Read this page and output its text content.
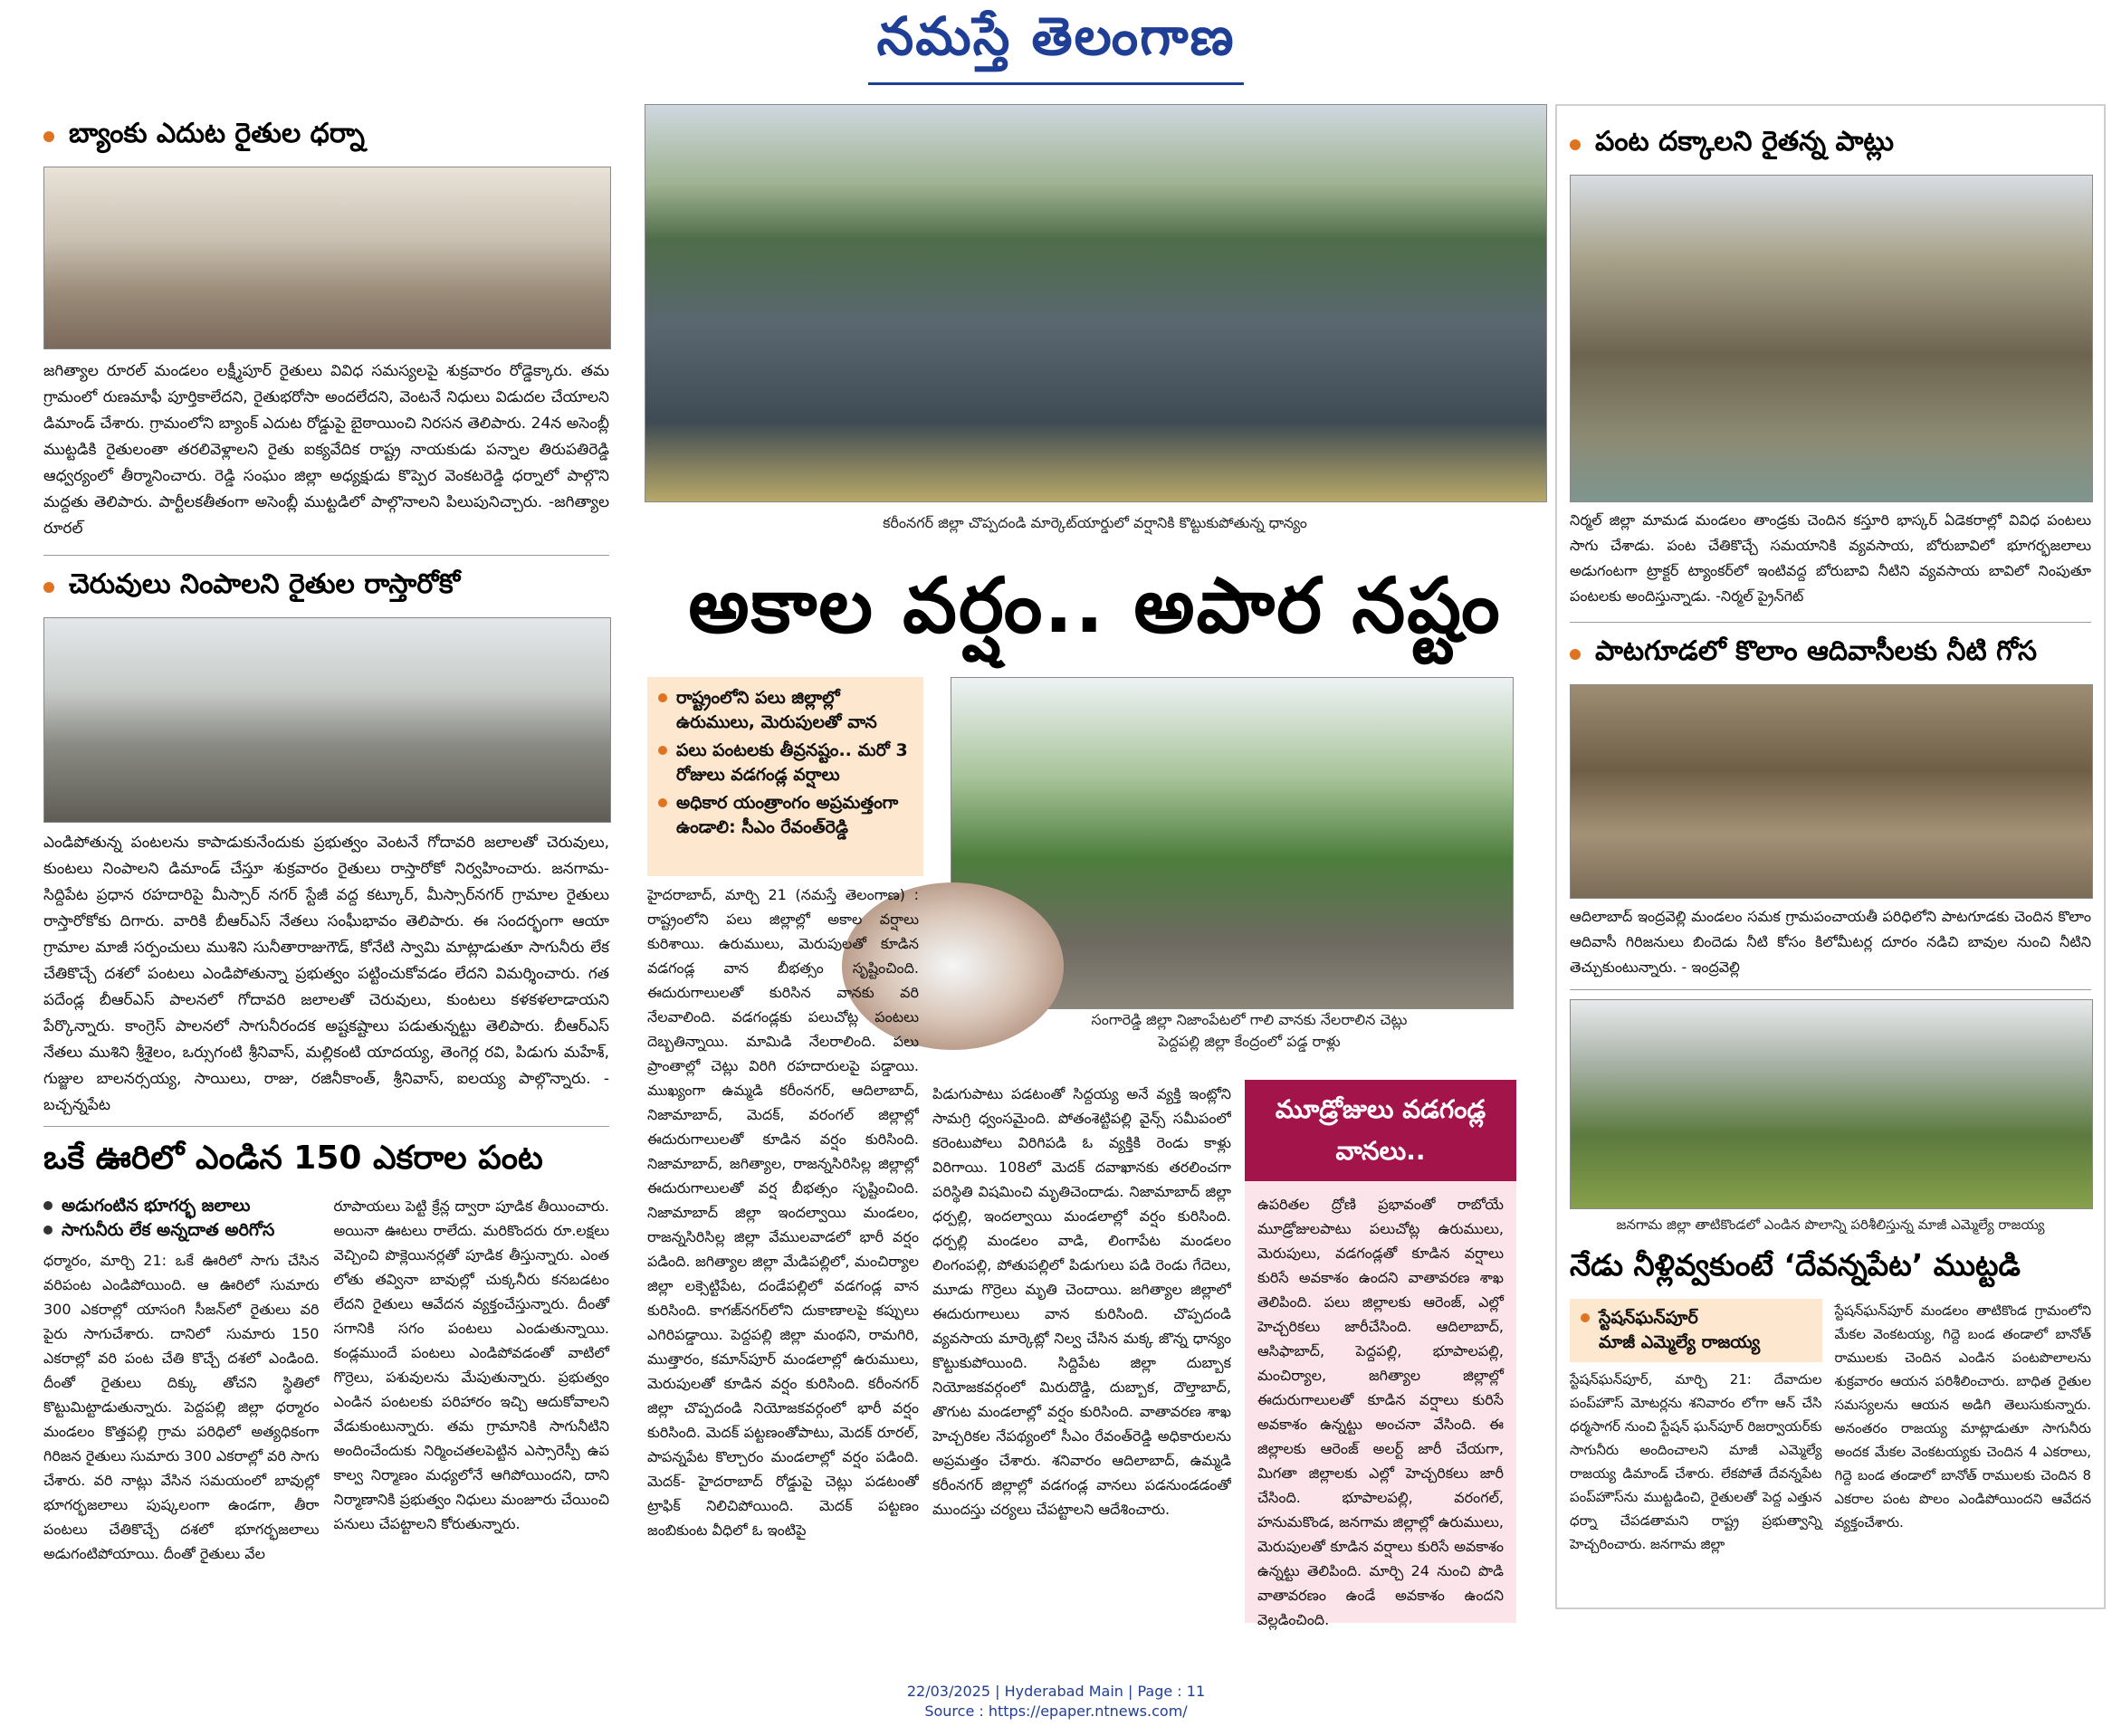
నమస్తే తెలంగాణ
బ్యాంకు ఎదుట రైతుల ధర్నా
జగిత్యాల రూరల్‌ మండలం లక్ష్మీపూర్‌ రైతులు వివిధ సమస్యలపై శుక్రవారం రోడ్డెక్కారు. తమ గ్రామంలో రుణమాఫీ పూర్తికాలేదని, రైతుభరోసా అందలేదని, వెంటనే నిధులు విడుదల చేయాలని డిమాండ్‌ చేశారు. గ్రామంలోని బ్యాంక్‌ ఎదుట రోడ్డుపై బైఠాయించి నిరసన తెలిపారు. 24న అసెంబ్లీ ముట్టడికి రైతులంతా తరలివెళ్లాలని రైతు ఐక్యవేదిక రాష్ట్ర నాయకుడు పన్నాల తిరుపతిరెడ్డి ఆధ్వర్యంలో తీర్మానించారు. రెడ్డి సంఘం జిల్లా అధ్యక్షుడు కొప్పెర వెంకటరెడ్డి ధర్నాలో పాల్గొని మద్దతు తెలిపారు. పార్టీలకతీతంగా అసెంబ్లీ ముట్టడిలో పాల్గొనాలని పిలుపునిచ్చారు. -జగిత్యాల రూరల్‌
చెరువులు నింపాలని రైతుల రాస్తారోకో
ఎండిపోతున్న పంటలను కాపాడుకునేందుకు ప్రభుత్వం వెంటనే గోదావరి జలాలతో చెరువులు, కుంటలు నింపాలని డిమాండ్‌ చేస్తూ శుక్రవారం రైతులు రాస్తారోకో నిర్వహించారు. జనగామ- సిద్దిపేట ప్రధాన రహదారిపై మీస్సార్‌ నగర్‌ స్టేజీ వద్ద కట్కూర్‌, మీస్సార్‌నగర్‌ గ్రామాల రైతులు రాస్తారోకోకు దిగారు. వారికి బీఆర్‌ఎస్‌ నేతలు సంఘీభావం తెలిపారు. ఈ సందర్భంగా ఆయా గ్రామాల మాజీ సర్పంచులు ముశిని సునీతారాజుగౌడ్‌, కోనేటి స్వామి మాట్లాడుతూ సాగునీరు లేక చేతికొచ్చే దశలో పంటలు ఎండిపోతున్నా ప్రభుత్వం పట్టించుకోవడం లేదని విమర్శించారు. గత పదేండ్ల బీఆర్‌ఎస్‌ పాలనలో గోదావరి జలాలతో చెరువులు, కుంటలు కళకళలాడాయని పేర్కొన్నారు. కాంగ్రెస్‌ పాలనలో సాగునీరందక అష్టకష్టాలు పడుతున్నట్టు తెలిపారు. బీఆర్‌ఎస్‌ నేతలు ముశిని శ్రీశైలం, ఒర్సుగంటి శ్రీనివాస్‌, మల్లికంటి యాదయ్య, తెంగెర్ల రవి, పిడుగు మహేశ్‌, గుజ్జుల బాలనర్సయ్య, సాయిలు, రాజు, రజినీకాంత్‌, శ్రీనివాస్‌, ఐలయ్య పాల్గొన్నారు. - బచ్చన్నపేట
ఒకే ఊరిలో ఎండిన 150 ఎకరాల పంట
అడుగంటిన భూగర్భ జలాలు
సాగునీరు లేక అన్నదాత అరిగోస
ధర్మారం, మార్చి 21: ఒకే ఊరిలో సాగు చేసిన వరిపంట ఎండిపోయింది. ఆ ఊరిలో సుమారు 300 ఎకరాల్లో యాసంగి సీజన్‌లో రైతులు వరి పైరు సాగుచేశారు. దానిలో సుమారు 150 ఎకరాల్లో వరి పంట చేతి కొచ్చే దశలో ఎండింది. దీంతో రైతులు దిక్కు తోచని స్థితిలో కొట్టుమిట్టాడుతున్నారు. పెద్దపల్లి జిల్లా ధర్మారం మండలం కొత్తపల్లి గ్రామ పరిధిలో అత్యధికంగా గిరిజన రైతులు సుమారు 300 ఎకరాల్లో వరి సాగు చేశారు. వరి నాట్లు వేసిన సమయంలో బావుల్లో భూగర్భజలాలు పుష్కలంగా ఉండగా, తీరా పంటలు చేతికొచ్చే దశలో భూగర్భజలాలు అడుగంటిపోయాయి. దీంతో రైతులు వేల
రూపాయలు పెట్టి క్రేన్ల ద్వారా పూడిక తీయించారు. అయినా ఊటలు రాలేదు. మరికొందరు రూ.లక్షలు వెచ్చించి పొక్లెయినర్లతో పూడిక తీస్తున్నారు. ఎంత లోతు తవ్వినా బావుల్లో చుక్కనీరు కనబడటం లేదని రైతులు ఆవేదన వ్యక్తంచేస్తున్నారు. దీంతో సగానికి సగం పంటలు ఎండుతున్నాయి. కండ్లముందే పంటలు ఎండిపోవడంతో వాటిలో గొర్రెలు, పశువులను మేపుతున్నారు. ప్రభుత్వం ఎండిన పంటలకు పరిహారం ఇచ్చి ఆదుకోవాలని వేడుకుంటున్నారు. తమ గ్రామానికి సాగునీటిని అందించేందుకు నిర్మించతలపెట్టిన ఎస్సారెస్పీ ఉప కాల్వ నిర్మాణం మధ్యలోనే ఆగిపోయిందని, దాని నిర్మాణానికి ప్రభుత్వం నిధులు మంజూరు చేయించి పనులు చేపట్టాలని కోరుతున్నారు.
కరీంనగర్‌ జిల్లా చొప్పదండి మార్కెట్‌యార్డులో వర్షానికి కొట్టుకుపోతున్న ధాన్యం
అకాల వర్షం.. అపార నష్టం
రాష్ట్రంలోని పలు జిల్లాల్లో ఉరుములు, మెరుపులతో వాన
పలు పంటలకు తీవ్రనష్టం.. మరో 3 రోజులు వడగండ్ల వర్షాలు
అధికార యంత్రాంగం అప్రమత్తంగా ఉండాలి: సీఎం రేవంత్‌రెడ్డి
సంగారెడ్డి జిల్లా నిజాంపేటలో గాలి వానకు నేలరాలిన చెట్లు
పెద్దపల్లి జిల్లా కేంద్రంలో పడ్డ రాళ్లు
హైదరాబాద్‌, మార్చి 21 (నమస్తే తెలంగాణ) : రాష్ట్రంలోని పలు జిల్లాల్లో అకాల వర్షాలు కురిశాయి. ఉరుములు, మెరుపులతో కూడిన వడగండ్ల వాన బీభత్సం సృష్టించింది. ఈదురుగాలులతో కురిసిన వానకు వరి నేలవాలింది. వడగండ్లకు పలుచోట్ల పంటలు దెబ్బతిన్నాయి. మామిడి నేలరాలింది. పలు ప్రాంతాల్లో చెట్లు విరిగి రహదారులపై పడ్డాయి. ముఖ్యంగా ఉమ్మడి కరీంనగర్‌, ఆదిలాబాద్‌, నిజామాబాద్‌, మెదక్‌, వరంగల్‌ జిల్లాల్లో ఈదురుగాలులతో కూడిన వర్షం కురిసింది. నిజామాబాద్‌, జగిత్యాల, రాజన్నసిరిసిల్ల జిల్లాల్లో ఈదురుగాలులతో వర్ష బీభత్సం సృష్టించింది. నిజామాబాద్‌ జిల్లా ఇందల్వాయి మండలం, రాజన్నసిరిసిల్ల జిల్లా వేములవాడలో భారీ వర్షం పడింది. జగిత్యాల జిల్లా మేడిపల్లిలో, మంచిర్యాల జిల్లా లక్సెట్టిపేట, దండేపల్లిలో వడగండ్ల వాన కురిసింది. కాగజ్‌నగర్‌లోని దుకాణాలపై కప్పులు ఎగిరిపడ్డాయి. పెద్దపల్లి జిల్లా మంథని, రామగిరి, ముత్తారం, కమాన్‌పూర్‌ మండలాల్లో ఉరుములు, మెరుపులతో కూడిన వర్షం కురిసింది. కరీంనగర్‌ జిల్లా చొప్పదండి నియోజకవర్గంలో భారీ వర్షం కురిసింది. మెదక్‌ పట్టణంతోపాటు, మెదక్‌ రూరల్‌, పాపన్నపేట కొల్చారం మండలాల్లో వర్షం పడింది. మెదక్‌- హైదరాబాద్‌ రోడ్డుపై చెట్లు పడటంతో ట్రాఫిక్‌ నిలిచిపోయింది. మెదక్‌ పట్టణం జంబికుంట వీధిలో ఓ ఇంటిపై
పిడుగుపాటు పడటంతో సిద్దయ్య అనే వ్యక్తి ఇంట్లోని సామగ్రి ధ్వంసమైంది. పోతంశెట్టిపల్లి వైన్స్‌ సమీపంలో కరెంటుపోలు విరిగిపడి ఓ వ్యక్తికి రెండు కాళ్లు విరిగాయి. 108లో మెదక్‌ దవాఖానకు తరలించగా పరిస్థితి విషమించి మృతిచెందాడు. నిజామాబాద్‌ జిల్లా ధర్పల్లి, ఇందల్వాయి మండలాల్లో వర్షం కురిసింది. ధర్పల్లి మండలం వాడి, లింగాపేట మండలం లింగంపల్లి, పోతుపల్లిలో పిడుగులు పడి రెండు గేదెలు, మూడు గొర్రెలు మృతి చెందాయి. జగిత్యాల జిల్లాలో ఈదురుగాలులు వాన కురిసింది. చొప్పదండి వ్యవసాయ మార్కెట్లో నిల్వ చేసిన మక్క జొన్న ధాన్యం కొట్టుకుపోయింది. సిద్దిపేట జిల్లా దుబ్బాక నియోజకవర్గంలో మిరుదొడ్డి, దుబ్బాక, దౌల్తాబాద్‌, తొగుట మండలాల్లో వర్షం కురిసింది. వాతావరణ శాఖ హెచ్చరికల నేపథ్యంలో సీఎం రేవంత్‌రెడ్డి అధికారులను అప్రమత్తం చేశారు. శనివారం ఆదిలాబాద్‌, ఉమ్మడి కరీంనగర్‌ జిల్లాల్లో వడగండ్ల వానలు పడనుండడంతో ముందస్తు చర్యలు చేపట్టాలని ఆదేశించారు.
మూడ్రోజులు వడగండ్ల వానలు..
ఉపరితల ద్రోణి ప్రభావంతో రాబోయే మూడ్రోజులపాటు పలుచోట్ల ఉరుములు, మెరుపులు, వడగండ్లతో కూడిన వర్షాలు కురిసే అవకాశం ఉందని వాతావరణ శాఖ తెలిపింది. పలు జిల్లాలకు ఆరెంజ్‌, ఎల్లో హెచ్చరికలు జారీచేసింది. ఆదిలాబాద్‌, ఆసిఫాబాద్‌, పెద్దపల్లి, భూపాలపల్లి, మంచిర్యాల, జగిత్యాల జిల్లాల్లో ఈదురుగాలులతో కూడిన వర్షాలు కురిసే అవకాశం ఉన్నట్టు అంచనా వేసింది. ఈ జిల్లాలకు ఆరెంజ్‌ అలర్ట్‌ జారీ చేయగా, మిగతా జిల్లాలకు ఎల్లో హెచ్చరికలు జారీ చేసింది. భూపాలపల్లి, వరంగల్‌, హనుమకొండ, జనగామ జిల్లాల్లో ఉరుములు, మెరుపులతో కూడిన వర్షాలు కురిసే అవకాశం ఉన్నట్టు తెలిపింది. మార్చి 24 నుంచి పొడి వాతావరణం ఉండే అవకాశం ఉందని వెల్లడించింది.
పంట దక్కాలని రైతన్న పాట్లు
నిర్మల్‌ జిల్లా మామడ మండలం తాండ్రకు చెందిన కస్తూరి భాస్కర్‌ ఏడెకరాల్లో వివిధ పంటలు సాగు చేశాడు. పంట చేతికొచ్చే సమయానికి వ్యవసాయ, బోరుబావిలో భూగర్భజలాలు అడుగంటగా ట్రాక్టర్‌ ట్యాంకర్‌లో ఇంటివద్ద బోరుబావి నీటిని వ్యవసాయ బావిలో నింపుతూ పంటలకు అందిస్తున్నాడు. -నిర్మల్‌ ప్రైన్‌గెట్‌
పాటగూడలో కొలాం ఆదివాసీలకు నీటి గోస
ఆదిలాబాద్‌ ఇంద్రవెల్లి మండలం సమక గ్రామపంచాయతీ పరిధిలోని పాటగూడకు చెందిన కొలాం ఆదివాసీ గిరిజనులు బిందెడు నీటి కోసం కిలోమీటర్ల దూరం నడిచి బావుల నుంచి నీటిని తెచ్చుకుంటున్నారు. - ఇంద్రవెల్లి
జనగామ జిల్లా తాటికొండలో ఎండిన పొలాన్ని పరిశీలిస్తున్న మాజీ ఎమ్మెల్యే రాజయ్య
నేడు నీళ్లివ్వకుంటే ‘దేవన్నపేట’ ముట్టడి
స్టేషన్‌ఘన్‌పూర్‌
మాజీ ఎమ్మెల్యే రాజయ్య
స్టేషన్‌ఘన్‌పూర్‌, మార్చి 21: దేవాదుల పంప్‌హౌస్‌ మోటర్లను శనివారం లోగా ఆన్‌ చేసి ధర్మసాగర్‌ నుంచి స్టేషన్‌ ఘన్‌పూర్‌ రిజర్వాయర్‌కు సాగునీరు అందించాలని మాజీ ఎమ్మెల్యే రాజయ్య డిమాండ్‌ చేశారు. లేకపోతే దేవన్నపేట పంప్‌హౌస్‌ను ముట్టడించి, రైతులతో పెద్ద ఎత్తున ధర్నా చేపడతామని రాష్ట్ర ప్రభుత్వాన్ని హెచ్చరించారు. జనగామ జిల్లా
స్టేషన్‌ఘన్‌పూర్‌ మండలం తాటికొండ గ్రామంలోని మేకల వెంకటయ్య, గిద్దె బండ తండాలో బానోత్‌ రాములకు చెందిన ఎండిన పంటపొలాలను శుక్రవారం ఆయన పరిశీలించారు. బాధిత రైతుల సమస్యలను ఆయన అడిగి తెలుసుకున్నారు. అనంతరం రాజయ్య మాట్లాడుతూ సాగునీరు అందక మేకల వెంకటయ్యకు చెందిన 4 ఎకరాలు, గిద్దె బండ తండాలో బానోత్‌ రాములకు చెందిన 8 ఎకరాల పంట పొలం ఎండిపోయిందని ఆవేదన వ్యక్తంచేశారు.
22/03/2025 | Hyderabad Main | Page : 11
Source : https://epaper.ntnews.com/
